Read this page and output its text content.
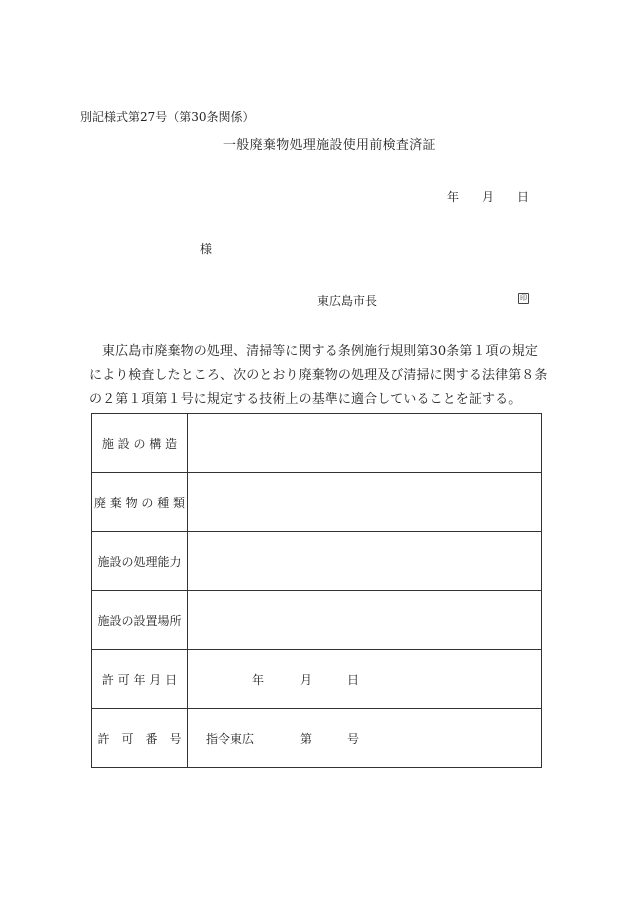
別記様式第27号（第30条関係）
一般廃棄物処理施設使用前検査済証
年 月 日
様
東広島市長	印
東広島市廃棄物の処理、清掃等に関する条例施行規則第30条第１項の規定により検査したところ、次のとおり廃棄物の処理及び清掃に関する法律第８条の２第１項第１号に規定する技術上の基準に適合していることを証する。
施 設 の 構 造	
廃 棄 物 の 種 類	
施設の処理能力	
施設の設置場所	
許 可 年 月 日	年 月 日

許　可　番　号	指令東広 第 号
